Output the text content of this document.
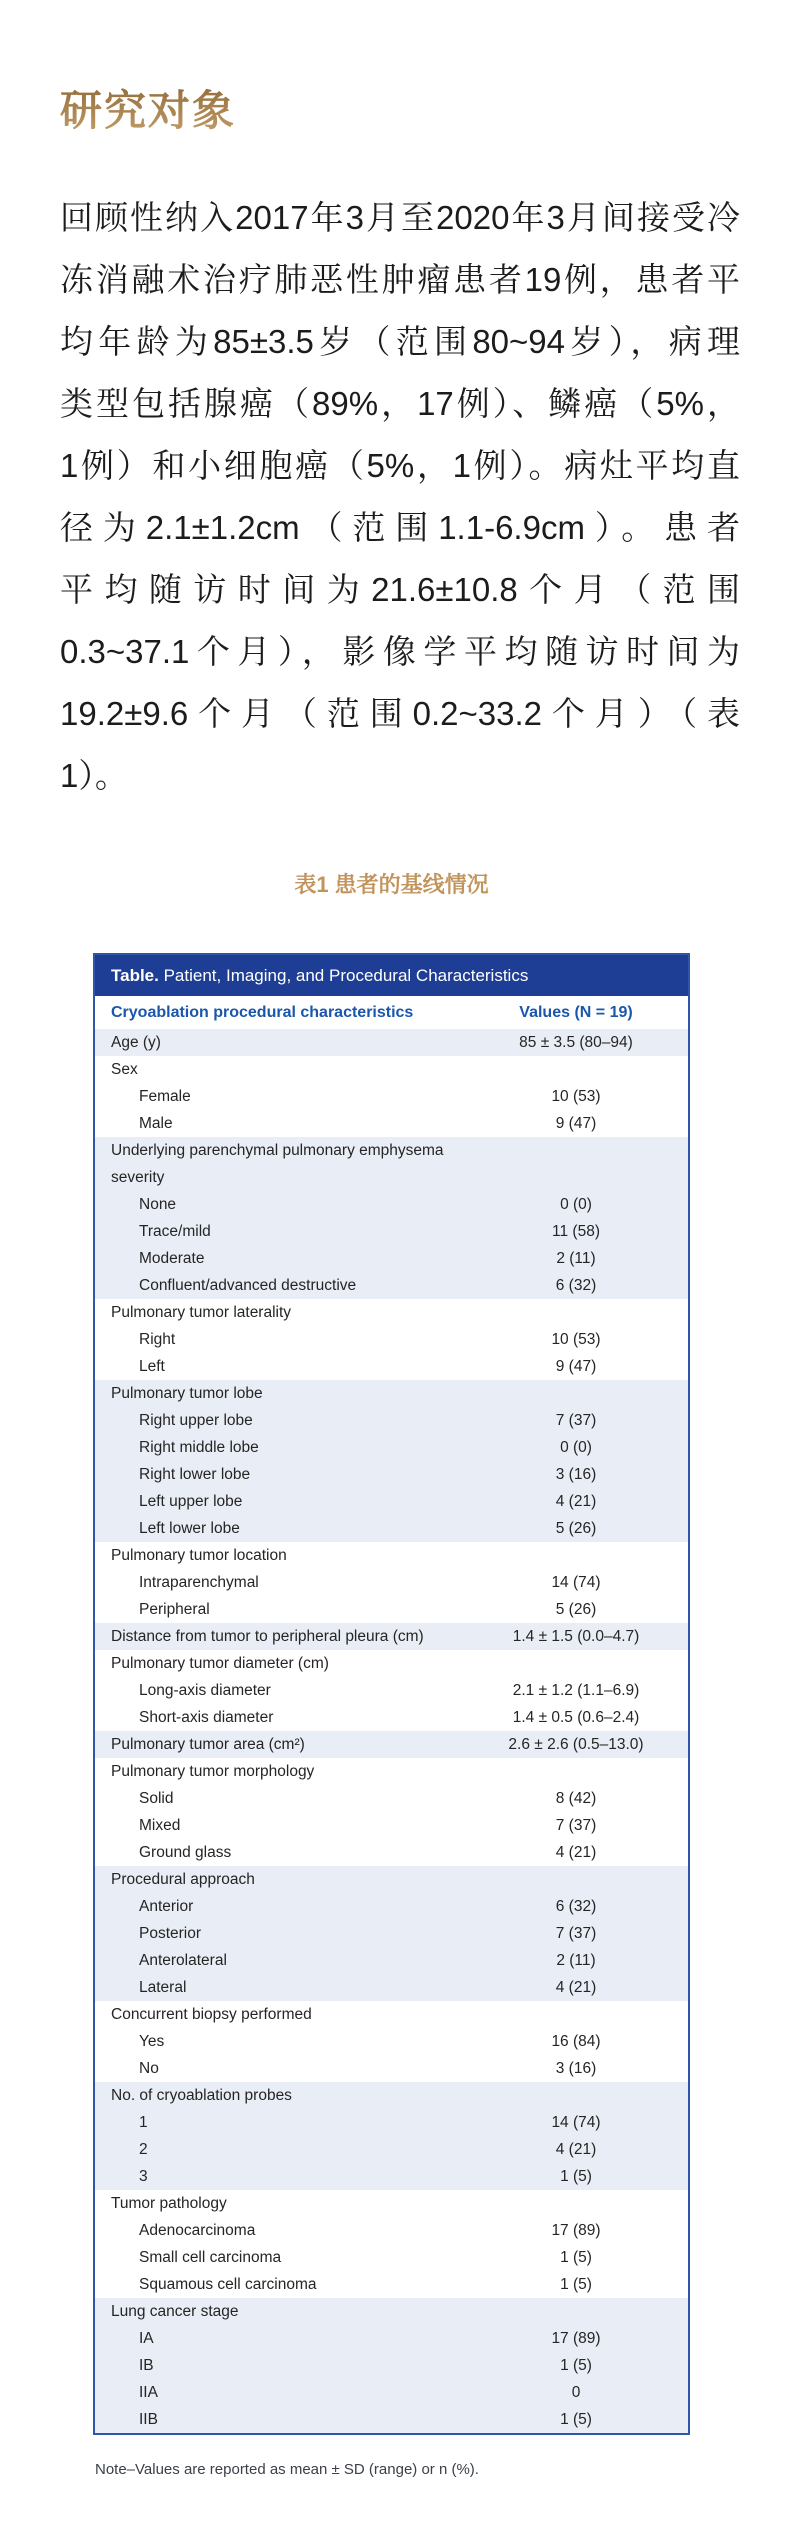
研究对象
回顾性纳入2017年3月至2020年3月间接受冷
冻消融术治疗肺恶性肿瘤患者19例，患者平
均年龄为85±3.5岁（范围80~94岁），病理
类型包括腺癌（89%，17例）、鳞癌（5%，
1例）和小细胞癌（5%，1例）。病灶平均直
径为2.1±1.2cm（范围1.1-6.9cm）。患者
平均随访时间为21.6±10.8个月（范围
0.3~37.1个月），影像学平均随访时间为
19.2±9.6个月（范围0.2~33.2个月）（表
1）。
表1 患者的基线情况
Table. Patient, Imaging, and Procedural Characteristics
Cryoablation procedural characteristics	Values (N = 19)
Age (y)	85 ± 3.5 (80–94)
Sex
Female	10 (53)
Male	9 (47)
Underlying parenchymal pulmonary emphysema severity
None	0 (0)
Trace/mild	11 (58)
Moderate	2 (11)
Confluent/advanced destructive	6 (32)
Pulmonary tumor laterality
Right	10 (53)
Left	9 (47)
Pulmonary tumor lobe
Right upper lobe	7 (37)
Right middle lobe	0 (0)
Right lower lobe	3 (16)
Left upper lobe	4 (21)
Left lower lobe	5 (26)
Pulmonary tumor location
Intraparenchymal	14 (74)
Peripheral	5 (26)
Distance from tumor to peripheral pleura (cm)	1.4 ± 1.5 (0.0–4.7)
Pulmonary tumor diameter (cm)
Long-axis diameter	2.1 ± 1.2 (1.1–6.9)
Short-axis diameter	1.4 ± 0.5 (0.6–2.4)
Pulmonary tumor area (cm²)	2.6 ± 2.6 (0.5–13.0)
Pulmonary tumor morphology
Solid	8 (42)
Mixed	7 (37)
Ground glass	4 (21)
Procedural approach
Anterior	6 (32)
Posterior	7 (37)
Anterolateral	2 (11)
Lateral	4 (21)
Concurrent biopsy performed
Yes	16 (84)
No	3 (16)
No. of cryoablation probes
1	14 (74)
2	4 (21)
3	1 (5)
Tumor pathology
Adenocarcinoma	17 (89)
Small cell carcinoma	1 (5)
Squamous cell carcinoma	1 (5)
Lung cancer stage
IA	17 (89)
IB	1 (5)
IIA	0
IIB	1 (5)
Note–Values are reported as mean ± SD (range) or n (%).
